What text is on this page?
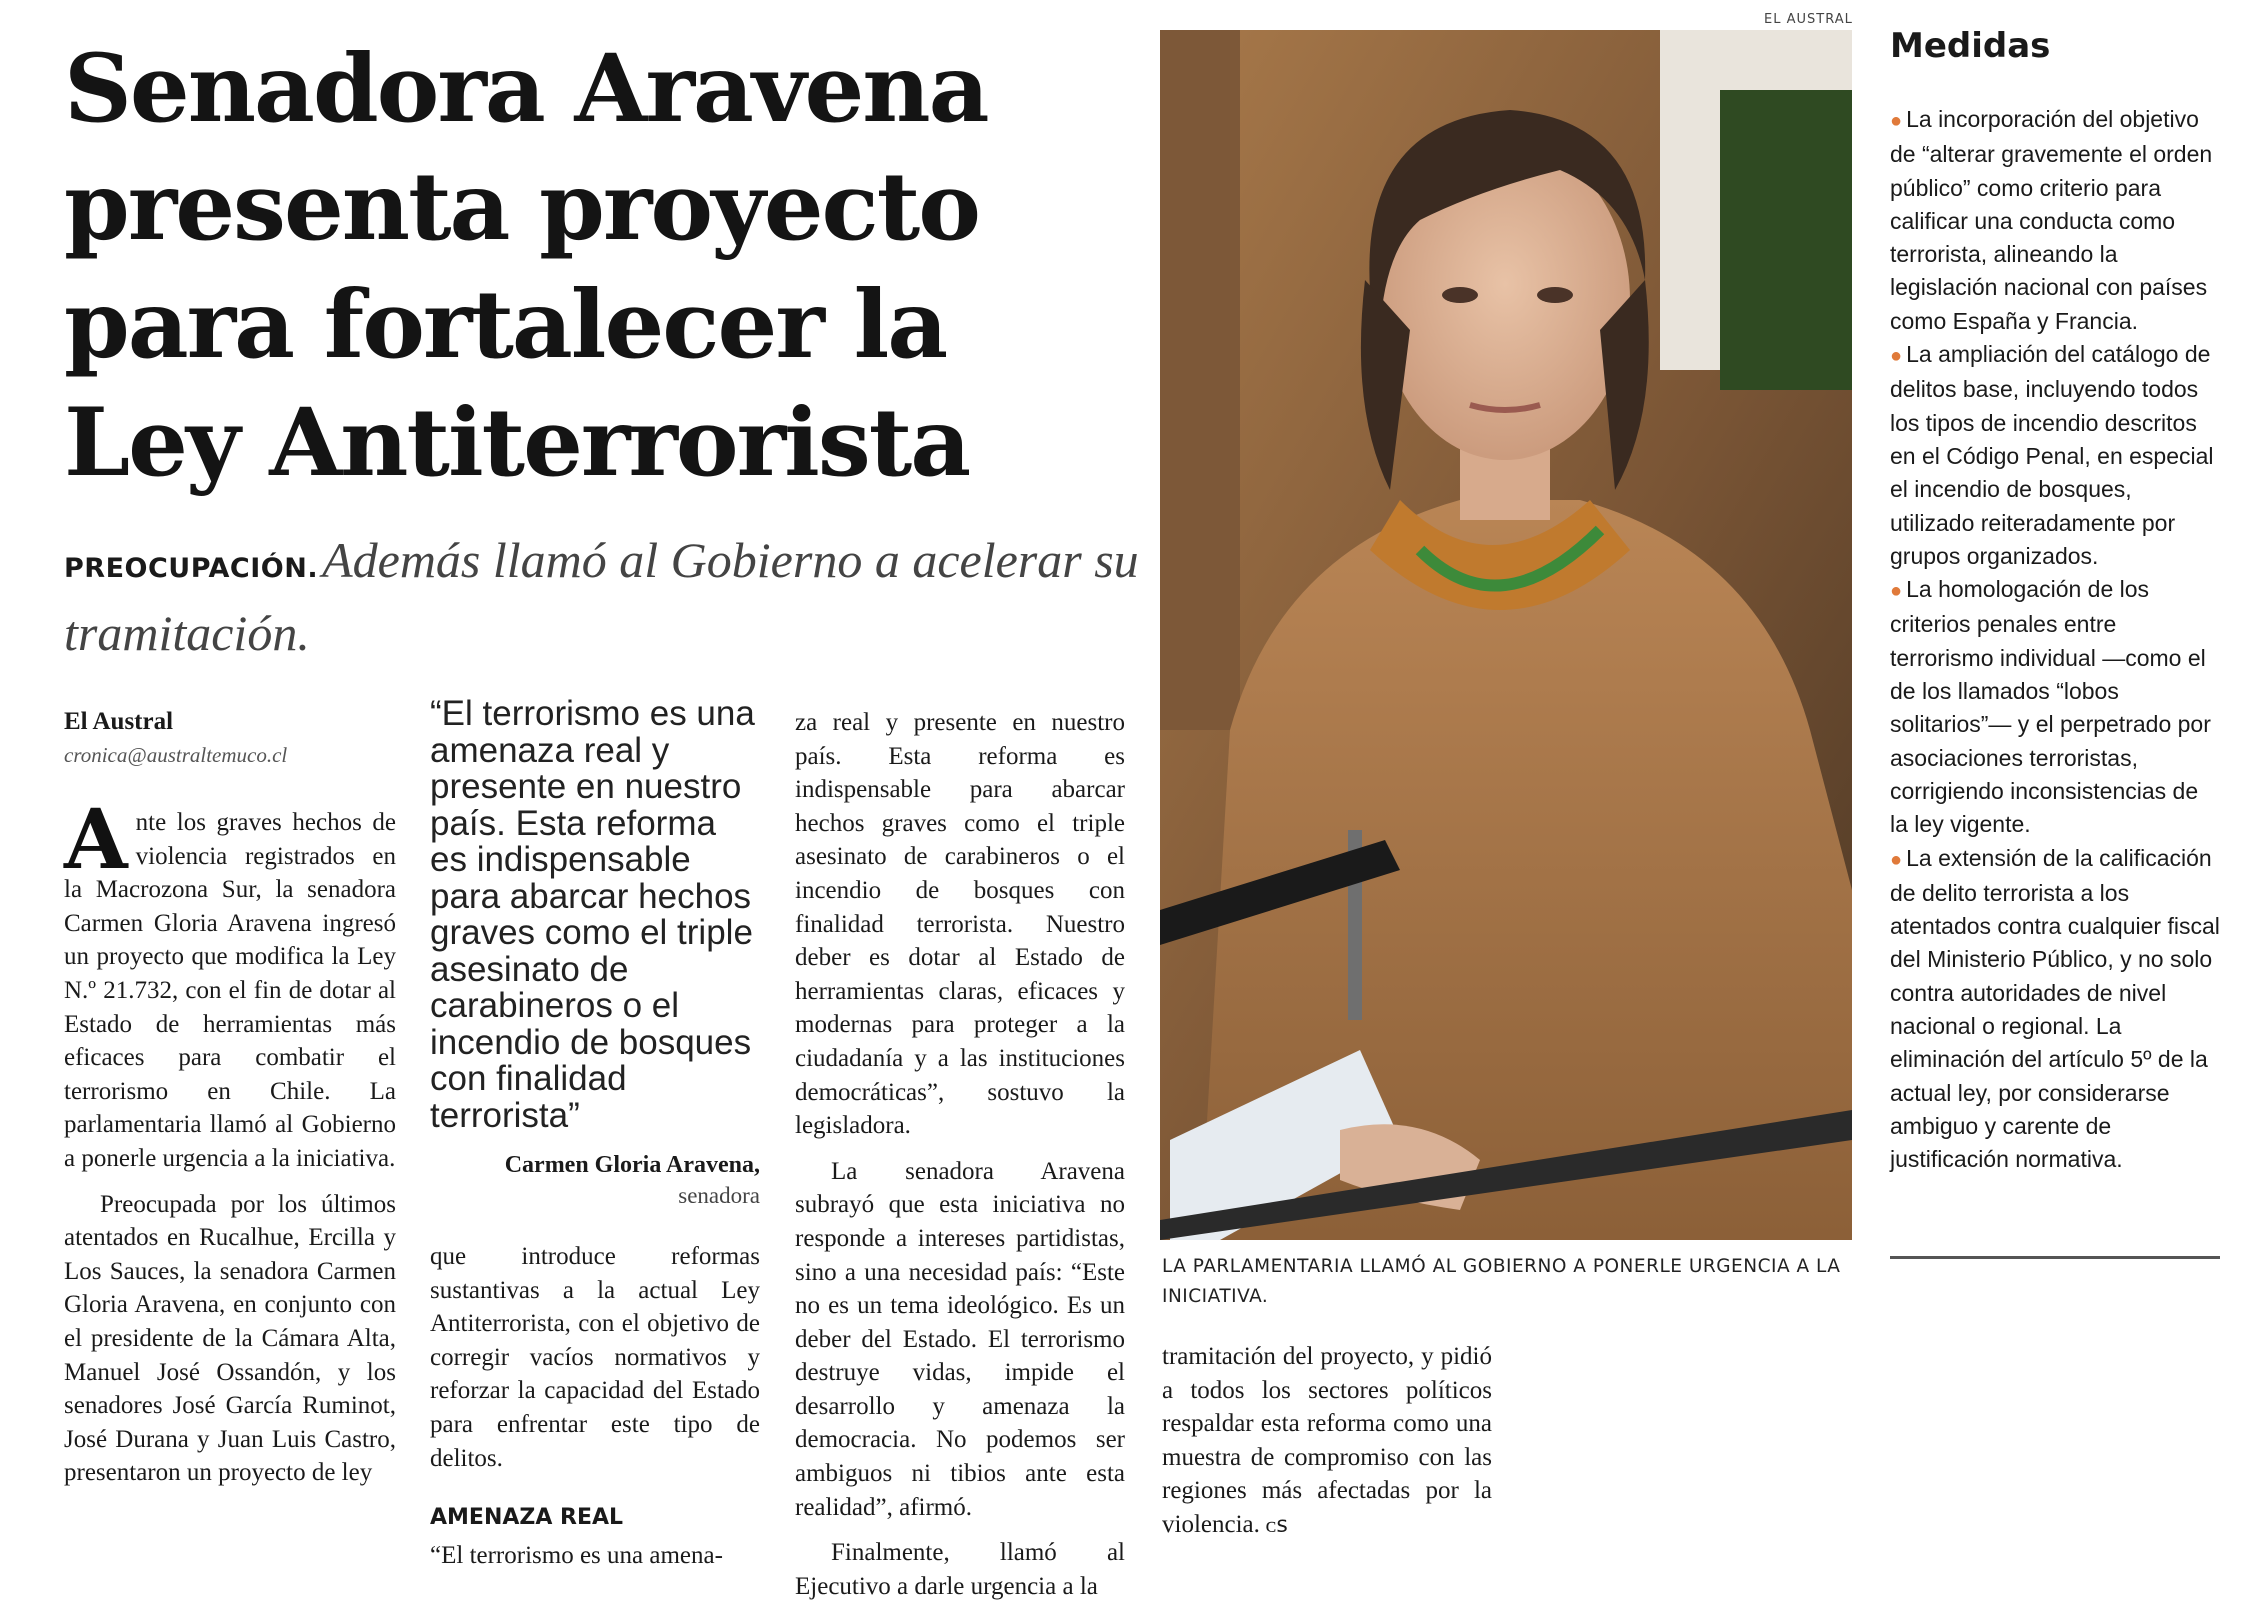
Senadora Aravena
presenta proyecto
para fortalecer la
Ley Antiterrorista
PREOCUPACIÓN. Además llamó al Gobierno a acelerar su tramitación.
El Austral
cronica@australtemuco.cl

Ante los graves hechos de violencia registrados en la Macrozona Sur, la senadora Carmen Gloria Aravena ingresó un proyecto que modifica la Ley N.º 21.732, con el fin de dotar al Estado de herramientas más eficaces para combatir el terrorismo en Chile. La parlamentaria llamó al Gobierno a ponerle urgencia a la iniciativa.

Preocupada por los últimos atentados en Rucalhue, Ercilla y Los Sauces, la senadora Carmen Gloria Aravena, en conjunto con el presidente de la Cámara Alta, Manuel José Ossandón, y los senadores José García Ruminot, José Durana y Juan Luis Castro, presentaron un proyecto de ley

“El terrorismo es una amenaza real y presente en nuestro país. Esta reforma es indispensable para abarcar hechos graves como el triple asesinato de carabineros o el incendio de bosques con finalidad terrorista”
Carmen Gloria Aravena,
senadora

que introduce reformas sustantivas a la actual Ley Antiterrorista, con el objetivo de corregir vacíos normativos y reforzar la capacidad del Estado para enfrentar este tipo de delitos.

AMENAZA REAL

“El terrorismo es una amena-

za real y presente en nuestro país. Esta reforma es indispensable para abarcar hechos graves como el triple asesinato de carabineros o el incendio de bosques con finalidad terrorista. Nuestro deber es dotar al Estado de herramientas claras, eficaces y modernas para proteger a la ciudadanía y a las instituciones democráticas”, sostuvo la legisladora.

La senadora Aravena subrayó que esta iniciativa no responde a intereses partidistas, sino a una necesidad país: “Este no es un tema ideológico. Es un deber del Estado. El terrorismo destruye vidas, impide el desarrollo y amenaza la democracia. No podemos ser ambiguos ni tibios ante esta realidad”, afirmó.

Finalmente, llamó al Ejecutivo a darle urgencia a la

EL AUSTRAL
LA PARLAMENTARIA LLAMÓ AL GOBIERNO A PONERLE URGENCIA A LA INICIATIVA.

tramitación del proyecto, y pidió a todos los sectores políticos respaldar esta reforma como una muestra de compromiso con las regiones más afectadas por la violencia. ᴄꜱ

Medidas
● La incorporación del objetivo de “alterar gravemente el orden público” como criterio para calificar una conducta como terrorista, alineando la legislación nacional con países como España y Francia.
● La ampliación del catálogo de delitos base, incluyendo todos los tipos de incendio descritos en el Código Penal, en especial el incendio de bosques, utilizado reiteradamente por grupos organizados.
● La homologación de los criterios penales entre terrorismo individual —como el de los llamados “lobos solitarios”— y el perpetrado por asociaciones terroristas, corrigiendo inconsistencias de la ley vigente.
● La extensión de la calificación de delito terrorista a los atentados contra cualquier fiscal del Ministerio Público, y no solo contra autoridades de nivel nacional o regional. La eliminación del artículo 5º de la actual ley, por considerarse ambiguo y carente de justificación normativa.
